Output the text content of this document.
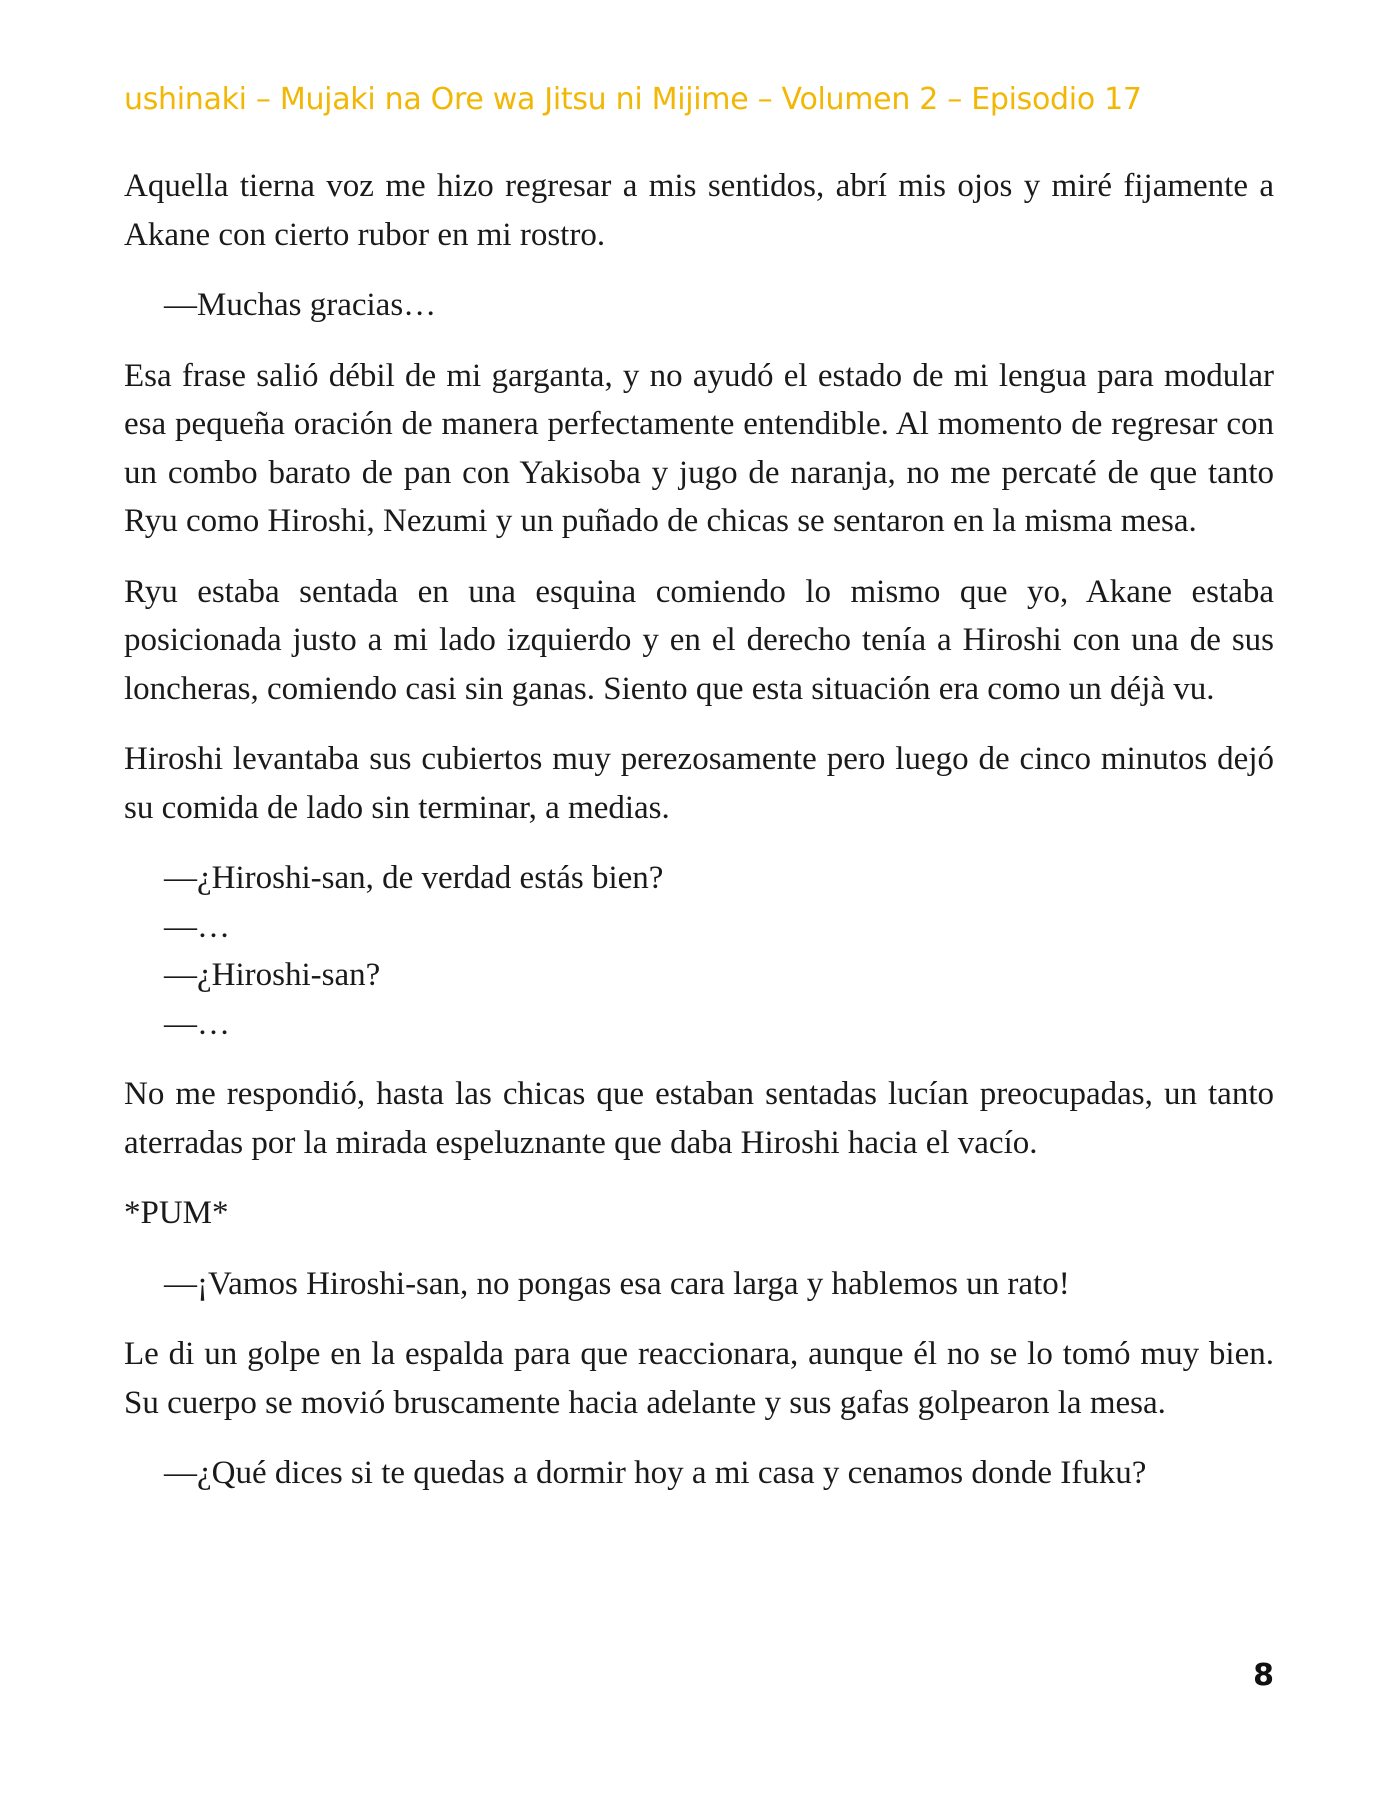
ushinaki – Mujaki na Ore wa Jitsu ni Mijime – Volumen 2 – Episodio 17

Aquella tierna voz me hizo regresar a mis sentidos, abrí mis ojos y miré fijamente a Akane con cierto rubor en mi rostro.

—Muchas gracias…

Esa frase salió débil de mi garganta, y no ayudó el estado de mi lengua para modular esa pequeña oración de manera perfectamente entendible. Al momento de regresar con un combo barato de pan con Yakisoba y jugo de naranja, no me percaté de que tanto Ryu como Hiroshi, Nezumi y un puñado de chicas se sentaron en la misma mesa.

Ryu estaba sentada en una esquina comiendo lo mismo que yo, Akane estaba posicionada justo a mi lado izquierdo y en el derecho tenía a Hiroshi con una de sus loncheras, comiendo casi sin ganas. Siento que esta situación era como un déjà vu.

Hiroshi levantaba sus cubiertos muy perezosamente pero luego de cinco minutos dejó su comida de lado sin terminar, a medias.

—¿Hiroshi-san, de verdad estás bien?

—…

—¿Hiroshi-san?

—…

No me respondió, hasta las chicas que estaban sentadas lucían preocupadas, un tanto aterradas por la mirada espeluznante que daba Hiroshi hacia el vacío.

*PUM*

—¡Vamos Hiroshi-san, no pongas esa cara larga y hablemos un rato!

Le di un golpe en la espalda para que reaccionara, aunque él no se lo tomó muy bien. Su cuerpo se movió bruscamente hacia adelante y sus gafas golpearon la mesa.

—¿Qué dices si te quedas a dormir hoy a mi casa y cenamos donde Ifuku?

8
